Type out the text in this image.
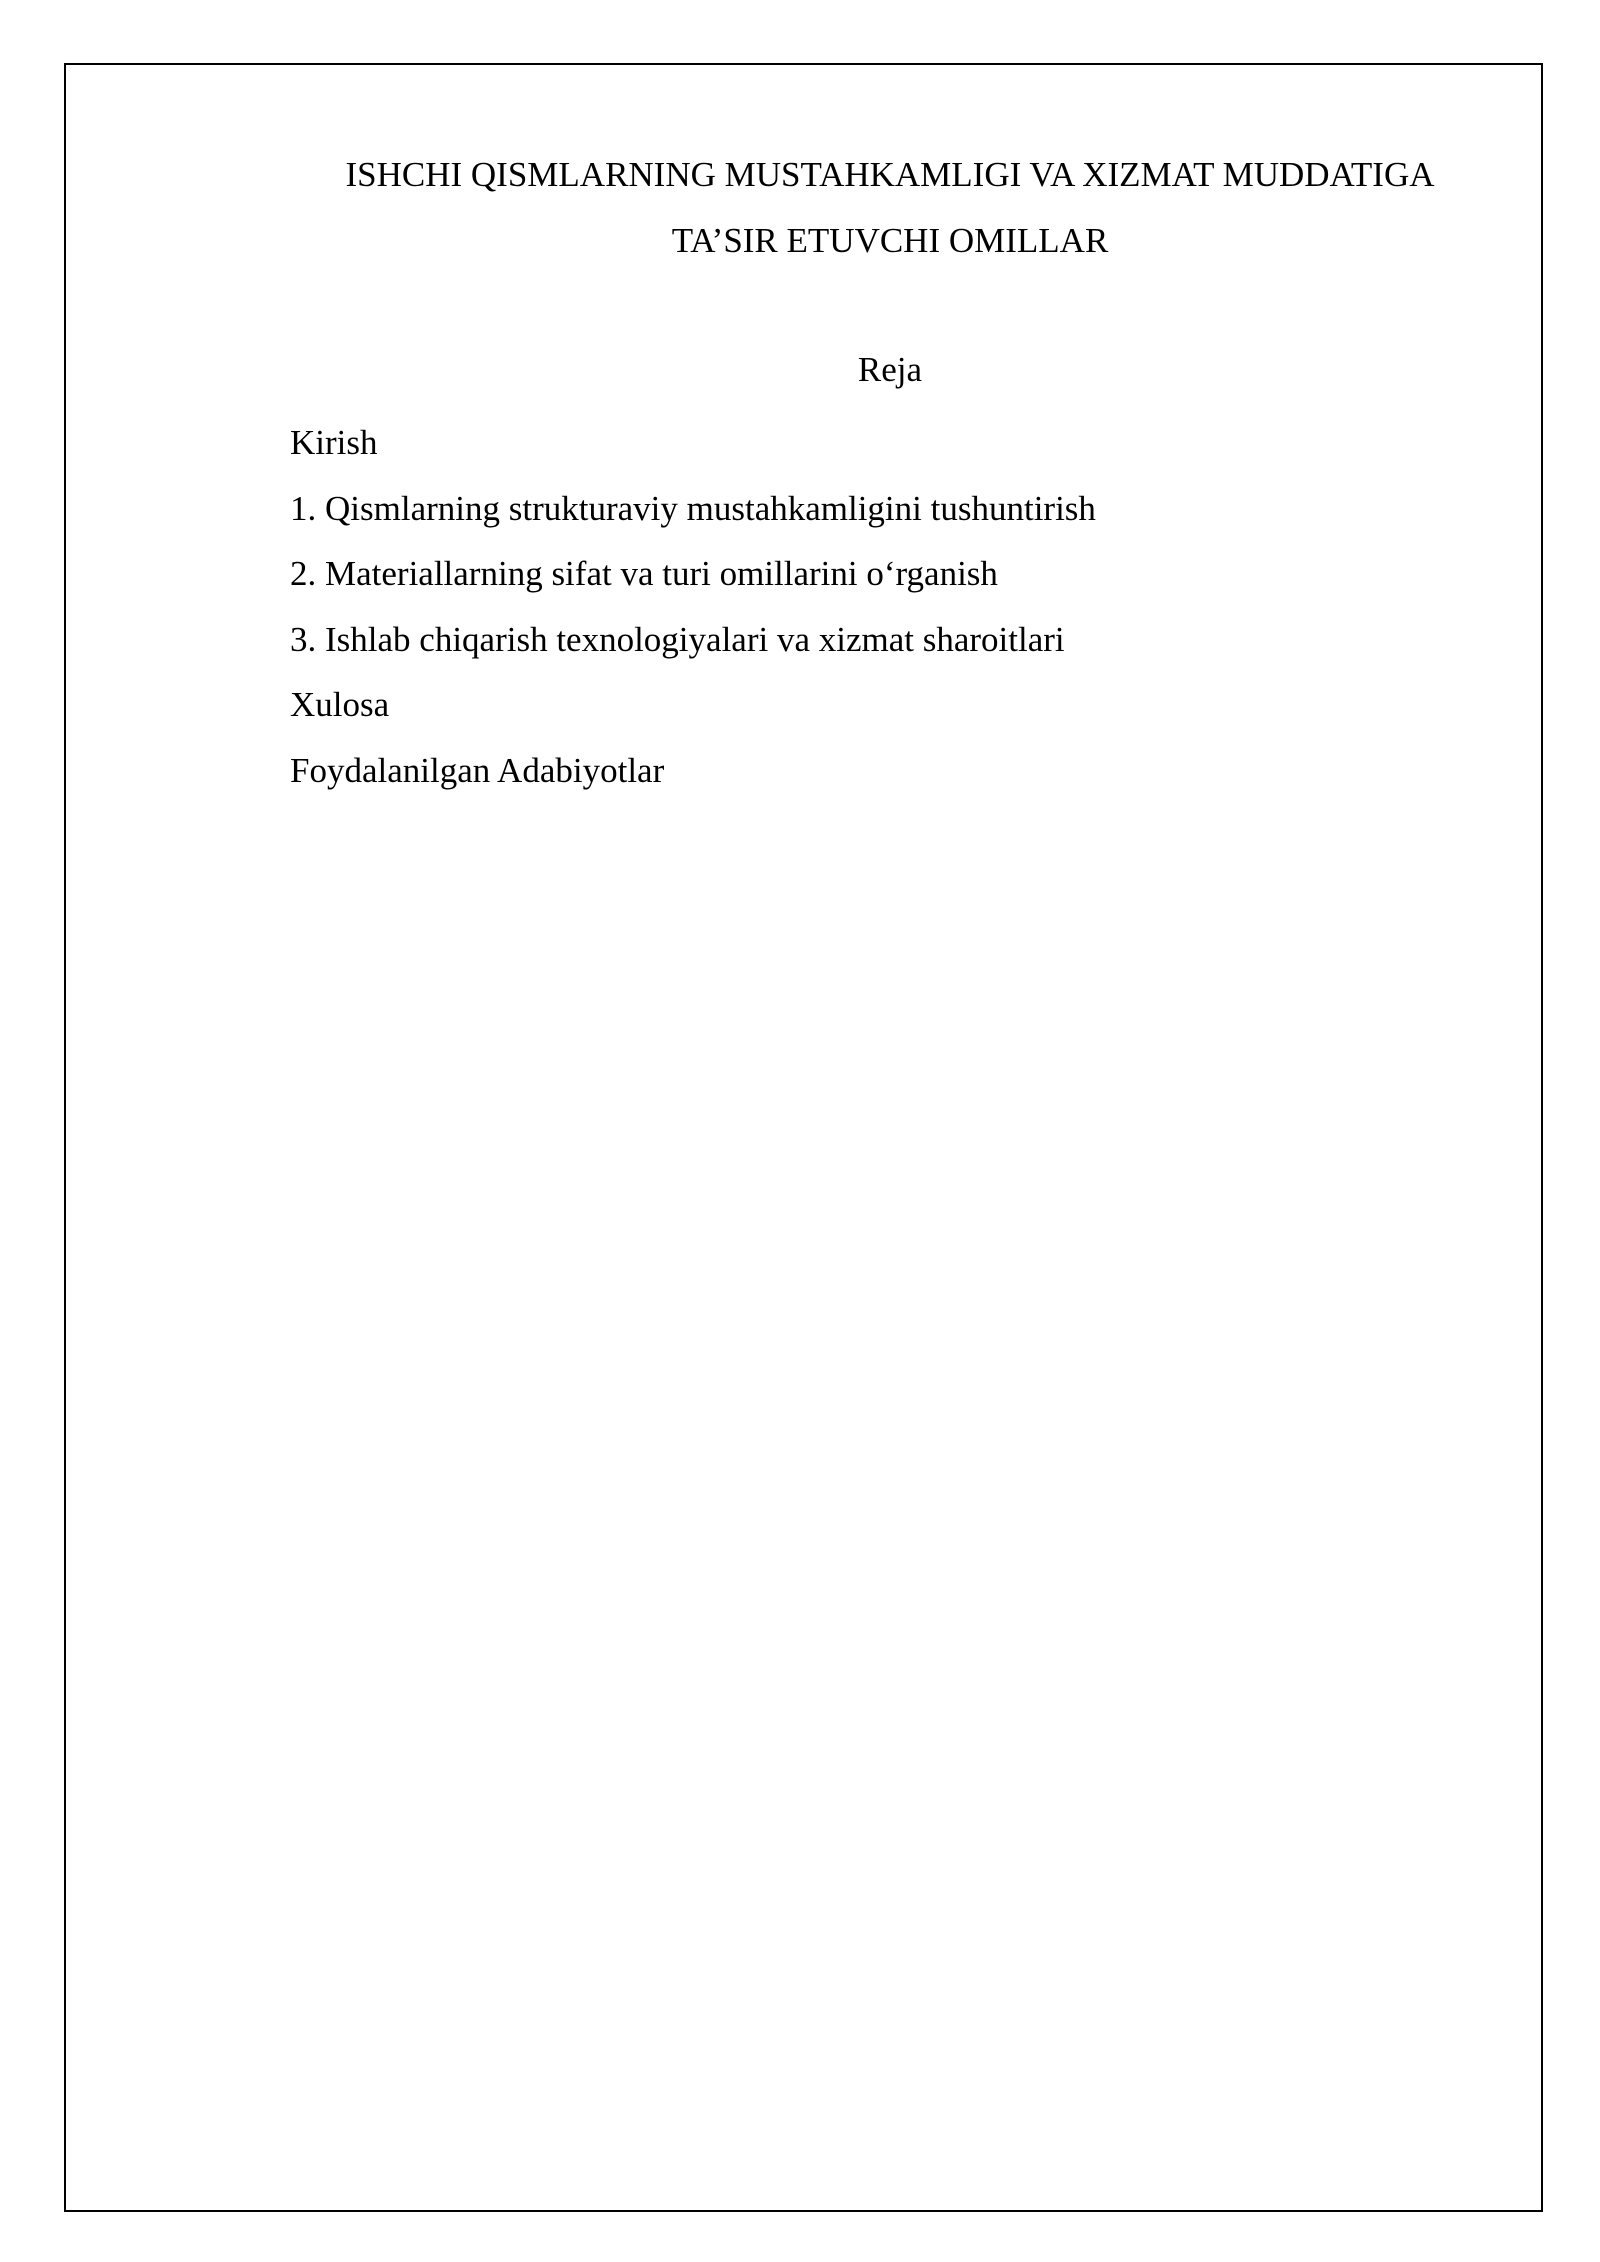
ISHCHI QISMLARNING MUSTAHKAMLIGI VA XIZMAT MUDDATIGA
TA’SIR ETUVCHI OMILLAR

Reja

Kirish
1. Qismlarning strukturaviy mustahkamligini tushuntirish
2. Materiallarning sifat va turi omillarini o‘rganish
3. Ishlab chiqarish texnologiyalari va xizmat sharoitlari
Xulosa
Foydalanilgan Adabiyotlar
